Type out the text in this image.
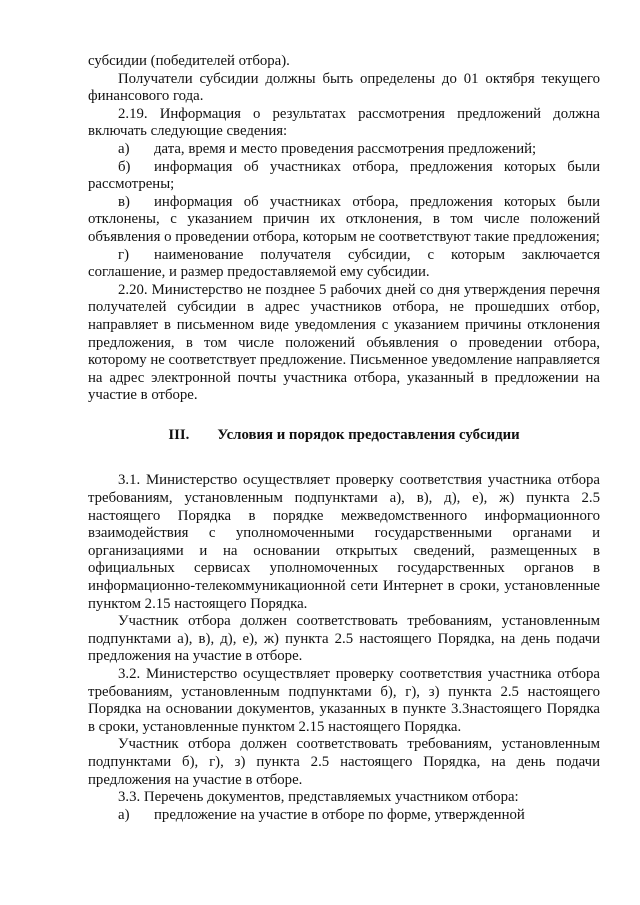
субсидии (победителей отбора).

Получатели субсидии должны быть определены до 01 октября текущего финансового года.

2.19. Информация о результатах рассмотрения предложений должна включать следующие сведения:

а) дата, время и место проведения рассмотрения предложений;

б) информация об участниках отбора, предложения которых были рассмотрены;

в) информация об участниках отбора, предложения которых были отклонены, с указанием причин их отклонения, в том числе положений объявления о проведении отбора, которым не соответствуют такие предложения;

г) наименование получателя субсидии, с которым заключается соглашение, и размер предоставляемой ему субсидии.

2.20. Министерство не позднее 5 рабочих дней со дня утверждения перечня получателей субсидии в адрес участников отбора, не прошедших отбор, направляет в письменном виде уведомления с указанием причины отклонения предложения, в том числе положений объявления о проведении отбора, которому не соответствует предложение. Письменное уведомление направляется на адрес электронной почты участника отбора, указанный в предложении на участие в отборе.

III. Условия и порядок предоставления субсидии

3.1. Министерство осуществляет проверку соответствия участника отбора требованиям, установленным подпунктами а), в), д), е), ж) пункта 2.5 настоящего Порядка в порядке межведомственного информационного взаимодействия с уполномоченными государственными органами и организациями и на основании открытых сведений, размещенных в официальных сервисах уполномоченных государственных органов в информационно-телекоммуникационной сети Интернет в сроки, установленные пунктом 2.15 настоящего Порядка.

Участник отбора должен соответствовать требованиям, установленным подпунктами а), в), д), е), ж) пункта 2.5 настоящего Порядка, на день подачи предложения на участие в отборе.

3.2. Министерство осуществляет проверку соответствия участника отбора требованиям, установленным подпунктами б), г), з) пункта 2.5 настоящего Порядка на основании документов, указанных в пункте 3.3настоящего Порядка в сроки, установленные пунктом 2.15 настоящего Порядка.

Участник отбора должен соответствовать требованиям, установленным подпунктами б), г), з) пункта 2.5 настоящего Порядка, на день подачи предложения на участие в отборе.

3.3. Перечень документов, представляемых участником отбора:

а) предложение на участие в отборе по форме, утвержденной
